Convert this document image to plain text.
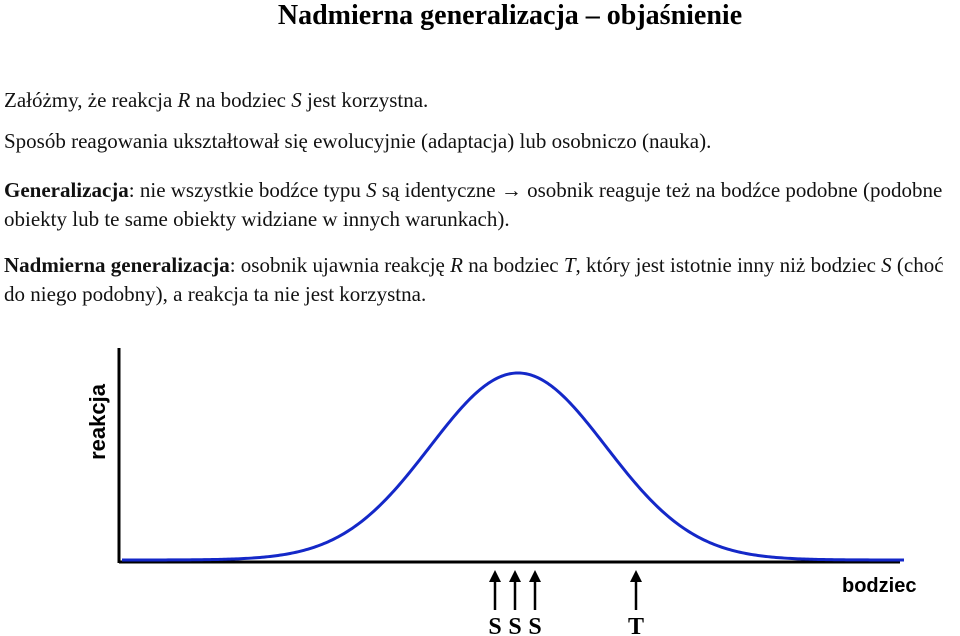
Nadmierna generalizacja – objaśnienie
Załóżmy, że reakcja R na bodziec S jest korzystna.
Sposób reagowania ukształtował się ewolucyjnie (adaptacja) lub osobniczo (nauka).
Generalizacja: nie wszystkie bodźce typu S są identyczne → osobnik reaguje też na bodźce podobne (podobne obiekty lub te same obiekty widziane w innych warunkach).
Nadmierna generalizacja: osobnik ujawnia reakcję R na bodziec T, który jest istotnie inny niż bodziec S (choć do niego podobny), a reakcja ta nie jest korzystna.
reakcja
bodziec
S S S	T
